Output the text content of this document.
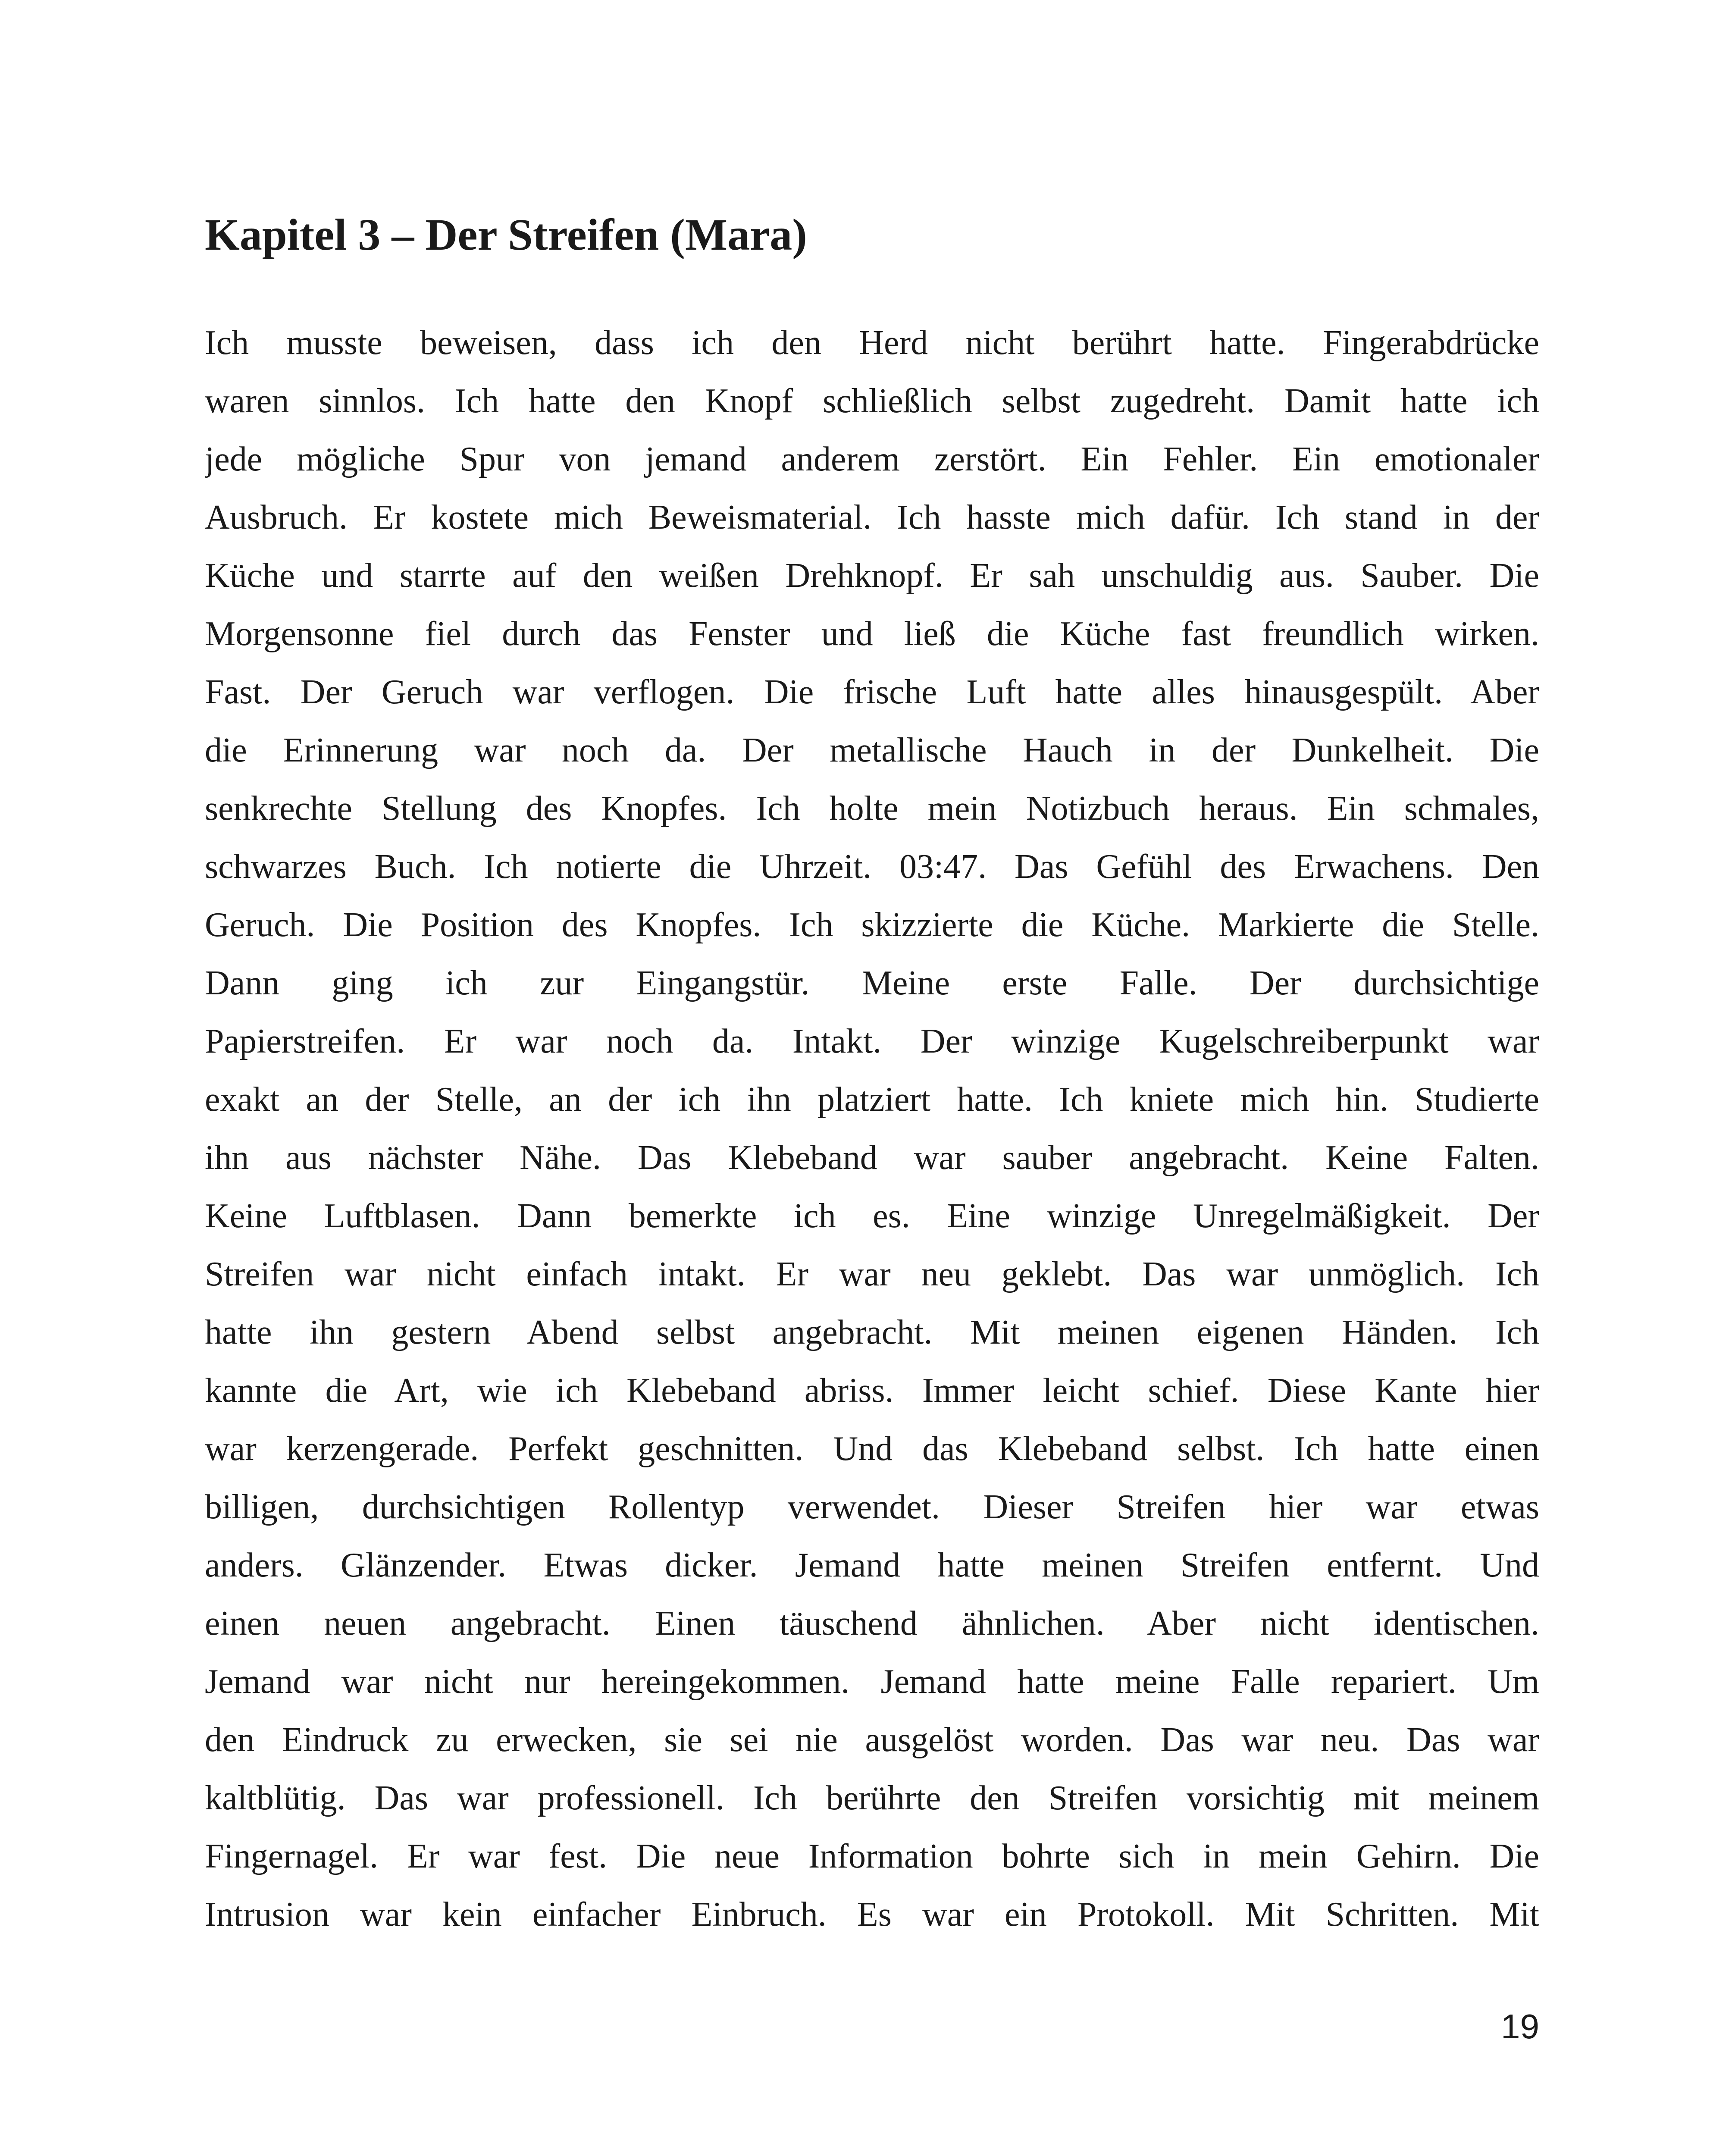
Kapitel 3 – Der Streifen (Mara)
Ich musste beweisen, dass ich den Herd nicht berührt hatte. Fingerabdrücke
waren sinnlos. Ich hatte den Knopf schließlich selbst zugedreht. Damit hatte ich
jede mögliche Spur von jemand anderem zerstört. Ein Fehler. Ein emotionaler
Ausbruch. Er kostete mich Beweismaterial. Ich hasste mich dafür. Ich stand in der
Küche und starrte auf den weißen Drehknopf. Er sah unschuldig aus. Sauber. Die
Morgensonne fiel durch das Fenster und ließ die Küche fast freundlich wirken.
Fast. Der Geruch war verflogen. Die frische Luft hatte alles hinausgespült. Aber
die Erinnerung war noch da. Der metallische Hauch in der Dunkelheit. Die
senkrechte Stellung des Knopfes. Ich holte mein Notizbuch heraus. Ein schmales,
schwarzes Buch. Ich notierte die Uhrzeit. 03:47. Das Gefühl des Erwachens. Den
Geruch. Die Position des Knopfes. Ich skizzierte die Küche. Markierte die Stelle.
Dann ging ich zur Eingangstür. Meine erste Falle. Der durchsichtige
Papierstreifen. Er war noch da. Intakt. Der winzige Kugelschreiberpunkt war
exakt an der Stelle, an der ich ihn platziert hatte. Ich kniete mich hin. Studierte
ihn aus nächster Nähe. Das Klebeband war sauber angebracht. Keine Falten.
Keine Luftblasen. Dann bemerkte ich es. Eine winzige Unregelmäßigkeit. Der
Streifen war nicht einfach intakt. Er war neu geklebt. Das war unmöglich. Ich
hatte ihn gestern Abend selbst angebracht. Mit meinen eigenen Händen. Ich
kannte die Art, wie ich Klebeband abriss. Immer leicht schief. Diese Kante hier
war kerzengerade. Perfekt geschnitten. Und das Klebeband selbst. Ich hatte einen
billigen, durchsichtigen Rollentyp verwendet. Dieser Streifen hier war etwas
anders. Glänzender. Etwas dicker. Jemand hatte meinen Streifen entfernt. Und
einen neuen angebracht. Einen täuschend ähnlichen. Aber nicht identischen.
Jemand war nicht nur hereingekommen. Jemand hatte meine Falle repariert. Um
den Eindruck zu erwecken, sie sei nie ausgelöst worden. Das war neu. Das war
kaltblütig. Das war professionell. Ich berührte den Streifen vorsichtig mit meinem
Fingernagel. Er war fest. Die neue Information bohrte sich in mein Gehirn. Die
Intrusion war kein einfacher Einbruch. Es war ein Protokoll. Mit Schritten. Mit
19
